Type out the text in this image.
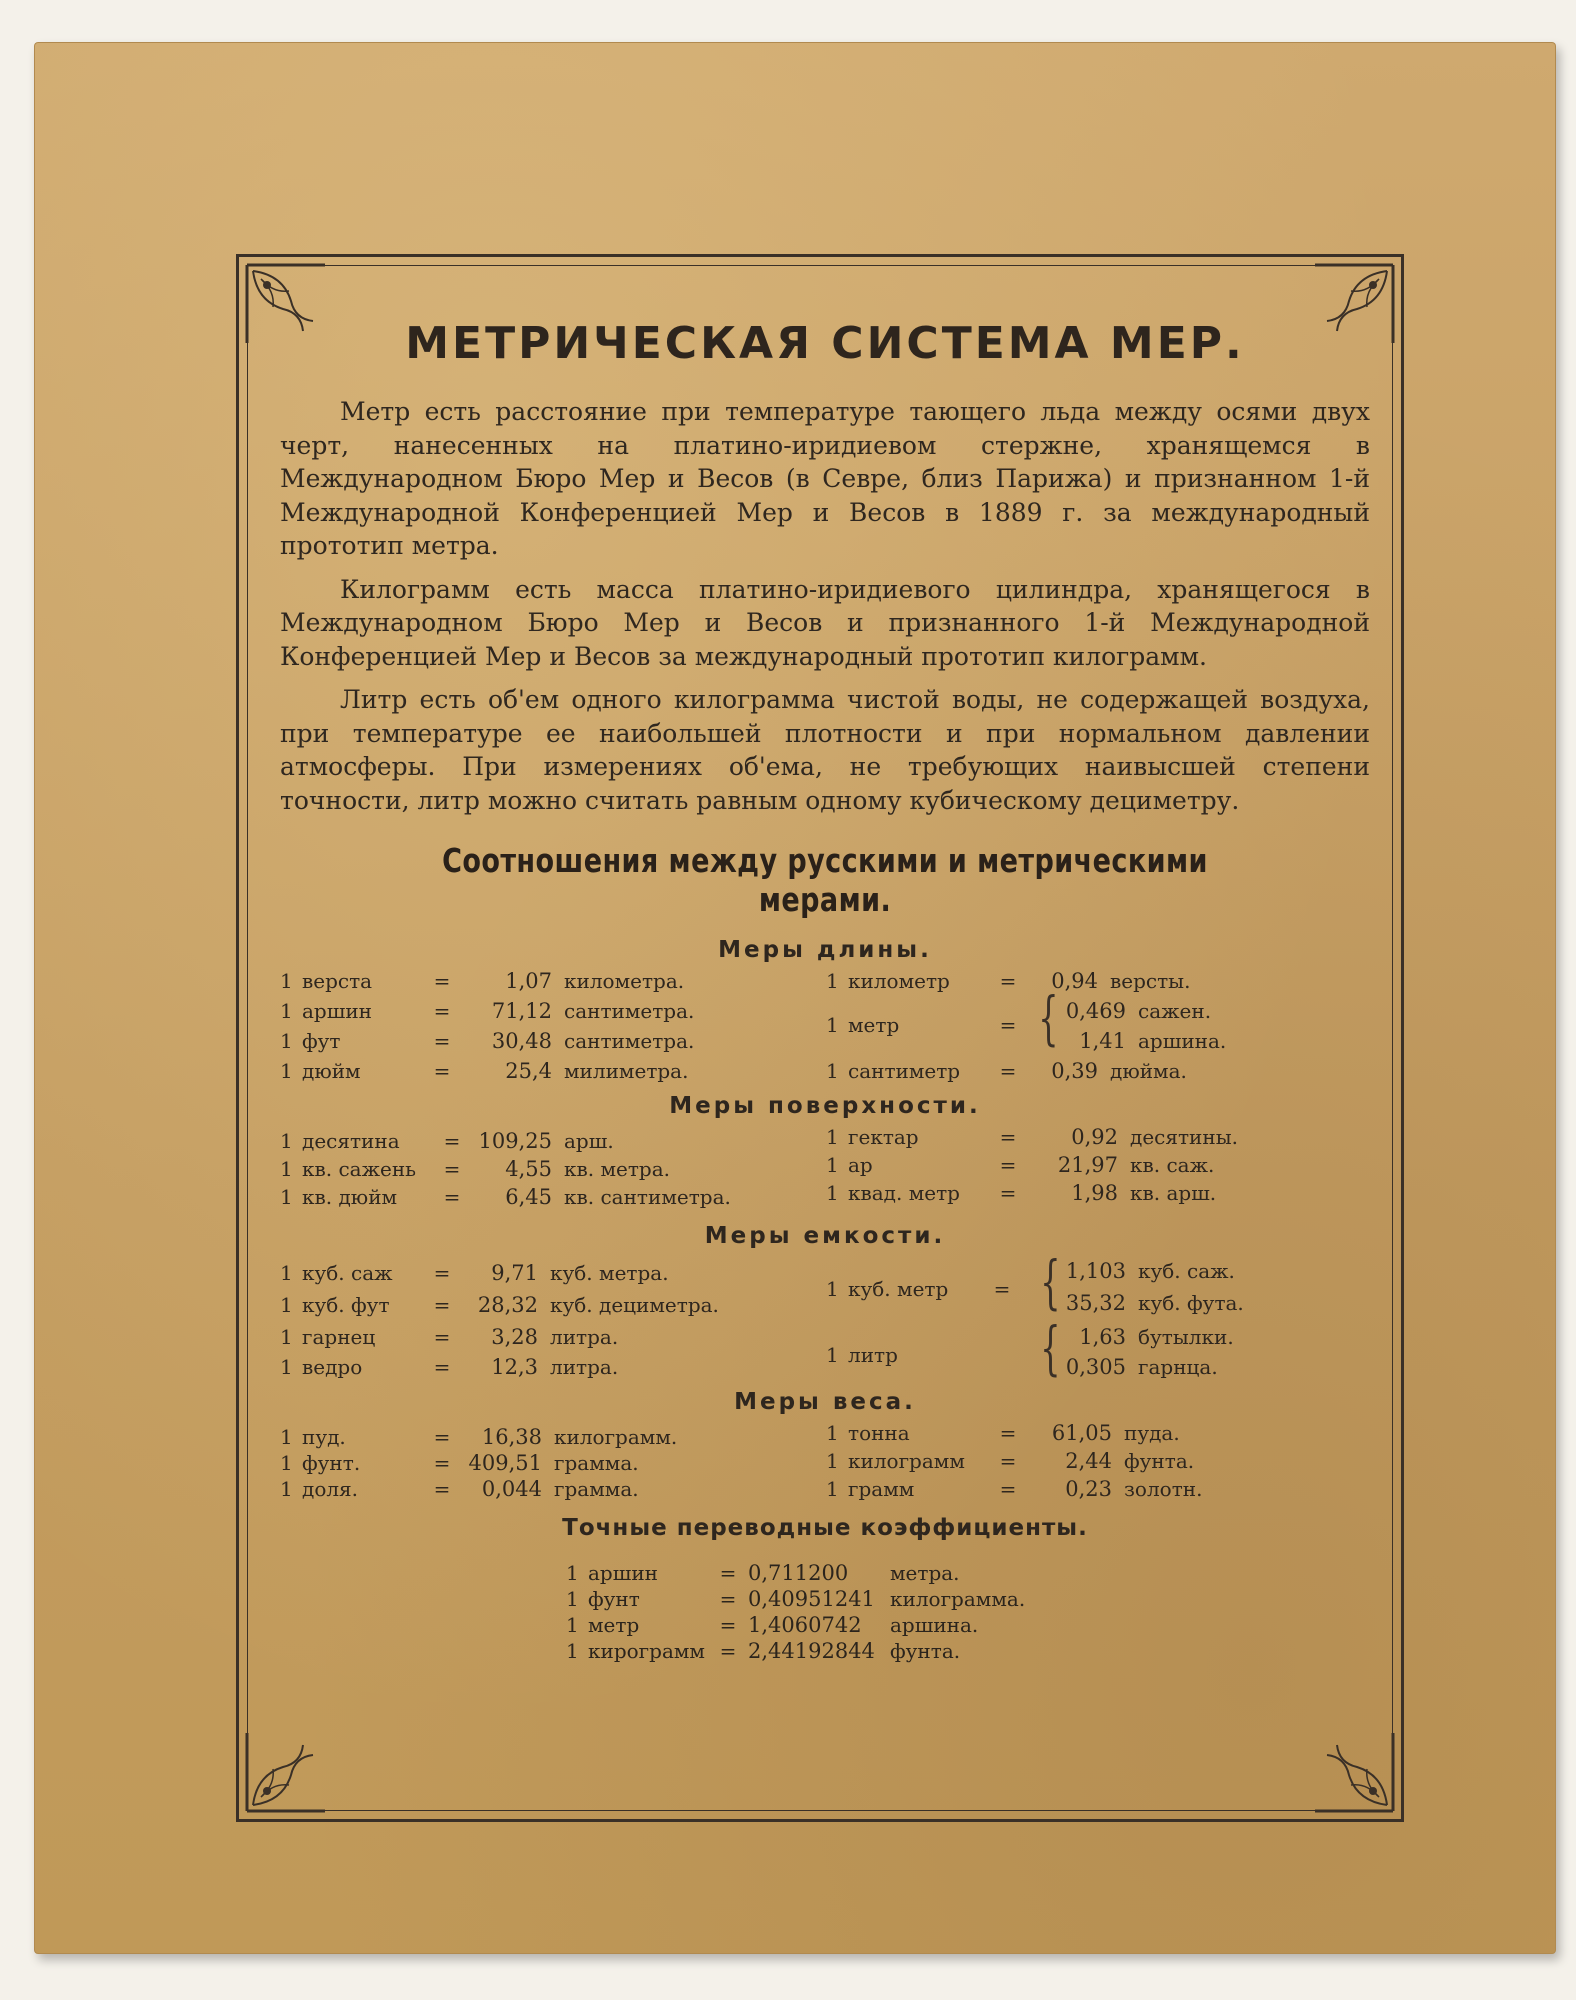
МЕТРИЧЕСКАЯ СИСТЕМА МЕР.

Метр есть расстояние при температуре тающего льда между осями двух черт, нанесенных на платино-иридиевом стержне, хранящемся в Международном Бюро Мер и Весов (в Севре, близ Парижа) и признанном 1-й Международной Конференцией Мер и Весов в 1889 г. за международный прототип метра.

Килограмм есть масса платино-иридиевого цилиндра, хранящегося в Международном Бюро Мер и Весов и признанного 1-й Международной Конференцией Мер и Весов за международный прототип килограмм.

Литр есть об'ем одного килограмма чистой воды, не содержащей воздуха, при температуре ее наибольшей плотности и при нормальном давлении атмосферы. При измерениях об'ема, не требующих наивысшей степени точности, литр можно считать равным одному кубическому дециметру.

Соотношения между русскими и метрическими мерами.
Меры длины.
1 верста	=	1,07 километра.
1 аршин	= 71,12 сантиметра.
1 фут	= 30,48 сантиметра.
1 дюйм	=	25,4 милиметра.
1 километр = 0,94 версты.
1 метр	= { 0,469 сажен.
1,41 аршина.
1 сантиметр = 0,39 дюйма.
Меры поверхности.
1 десятина = 109,25 арш.
1 кв. сажень = 4,55 кв. метра.
1 кв. дюйм = 6,45 кв. сантиметра.
1 гектар	=	0,92 десятины.
1 ар	= 21,97 кв. саж.
1 квад. метр =	1,98 кв. арш.
Меры емкости.
1 куб. саж = 9,71 куб. метра.
1 куб. фут = 28,32 куб. дециметра.
1 гарнец	= 3,28 литра.
1 ведро	= 12,3 литра.
1 куб. метр = { 1,103 куб. саж.
35,32 куб. фута.
1 литр	{ 1,63 бутылки.
0,305 гарнца.
Меры веса.
1 пуд.	= 16,38 килограмм.
1 фунт.	= 409,51 грамма.
1 доля.	= 0,044 грамма.
1 тонна	= 61,05 пуда.
1 килограмм = 2,44 фунта.
1 грамм	= 0,23 золотн.
Точные переводные коэффициенты.
1 аршин	= 0,711200 метра.
1 фунт	= 0,40951241 килограмма.
1 метр	= 1,4060742 аршина.
1 кирограмм = 2,44192844 фунта.
